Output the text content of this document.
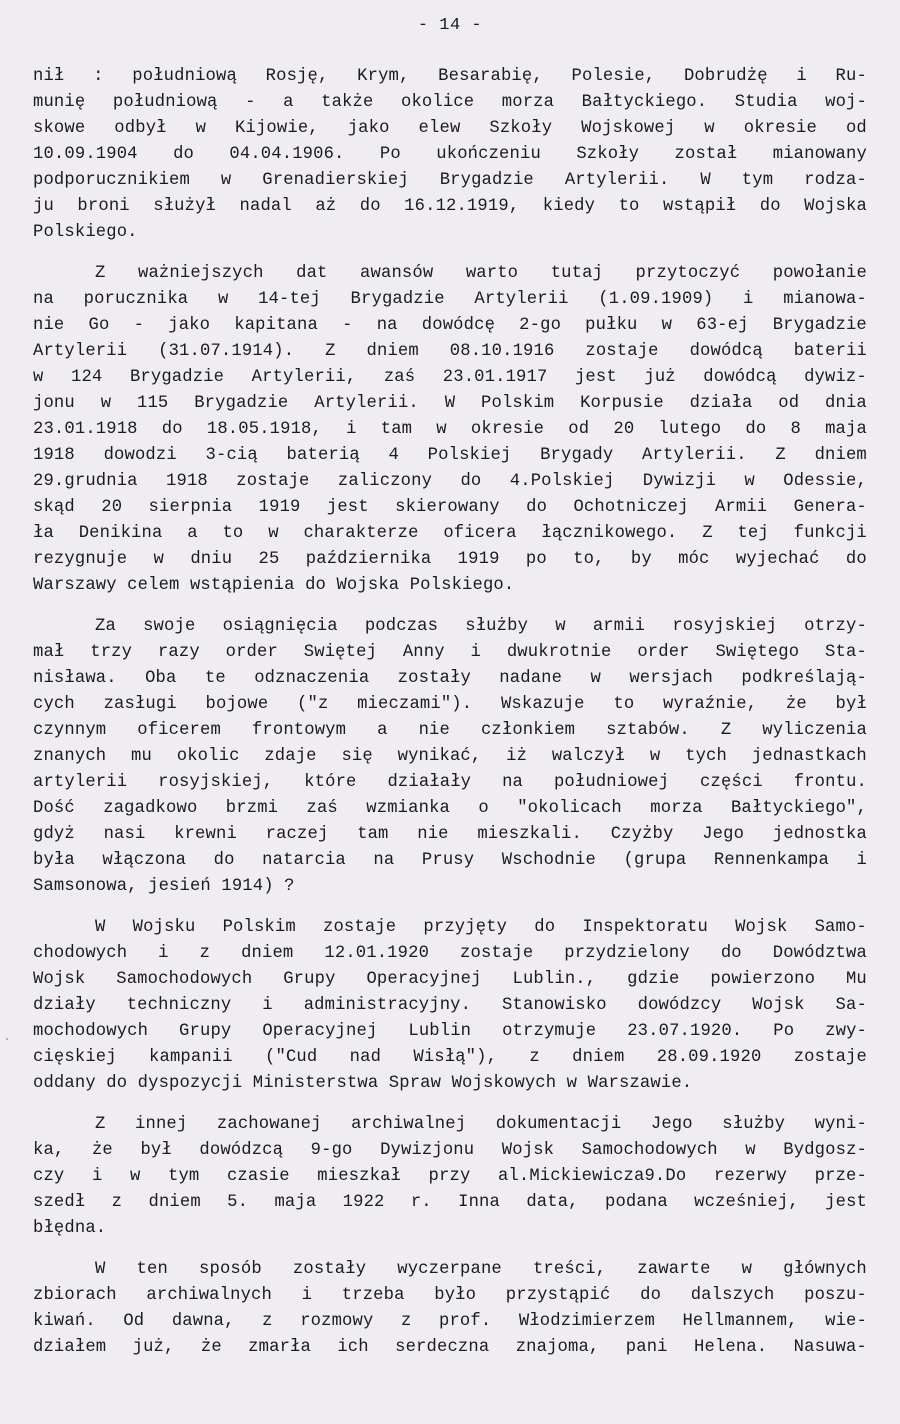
- 14 -
nił : południową Rosję, Krym, Besarabię, Polesie, Dobrudżę i Ru-
munię południową - a także okolice morza Bałtyckiego. Studia woj-
skowe odbył w Kijowie, jako elew Szkoły Wojskowej w okresie od
10.09.1904 do 04.04.1906. Po ukończeniu Szkoły został mianowany
podporucznikiem w Grenadierskiej Brygadzie Artylerii. W tym rodza-
ju broni służył nadal aż do 16.12.1919, kiedy to wstąpił do Wojska
Polskiego.
Z ważniejszych dat awansów warto tutaj przytoczyć powołanie
na porucznika w 14-tej Brygadzie Artylerii (1.09.1909) i mianowa-
nie Go - jako kapitana - na dowódcę 2-go pułku w 63-ej Brygadzie
Artylerii (31.07.1914). Z dniem 08.10.1916 zostaje dowódcą baterii
w 124 Brygadzie Artylerii, zaś 23.01.1917 jest już dowódcą dywiz-
jonu w 115 Brygadzie Artylerii. W Polskim Korpusie działa od dnia
23.01.1918 do 18.05.1918, i tam w okresie od 20 lutego do 8 maja
1918 dowodzi 3-cią baterią 4 Polskiej Brygady Artylerii. Z dniem
29.grudnia 1918 zostaje zaliczony do 4.Polskiej Dywizji w Odessie,
skąd 20 sierpnia 1919 jest skierowany do Ochotniczej Armii Genera-
ła Denikina a to w charakterze oficera łącznikowego. Z tej funkcji
rezygnuje w dniu 25 października 1919 po to, by móc wyjechać do
Warszawy celem wstąpienia do Wojska Polskiego.
Za swoje osiągnięcia podczas służby w armii rosyjskiej otrzy-
mał trzy razy order Swiętej Anny i dwukrotnie order Swiętego Sta-
nisława. Oba te odznaczenia zostały nadane w wersjach podkreślają-
cych zasługi bojowe ("z mieczami"). Wskazuje to wyraźnie, że był
czynnym oficerem frontowym a nie członkiem sztabów. Z wyliczenia
znanych mu okolic zdaje się wynikać, iż walczył w tych jednastkach
artylerii rosyjskiej, które działały na południowej części frontu.
Dość zagadkowo brzmi zaś wzmianka o "okolicach morza Bałtyckiego",
gdyż nasi krewni raczej tam nie mieszkali. Czyżby Jego jednostka
była włączona do natarcia na Prusy Wschodnie (grupa Rennenkampa i
Samsonowa, jesień 1914) ?
W Wojsku Polskim zostaje przyjęty do Inspektoratu Wojsk Samo-
chodowych i z dniem 12.01.1920 zostaje przydzielony do Dowództwa
Wojsk Samochodowych Grupy Operacyjnej Lublin., gdzie powierzono Mu
działy techniczny i administracyjny. Stanowisko dowódzcy Wojsk Sa-
mochodowych Grupy Operacyjnej Lublin otrzymuje 23.07.1920. Po zwy-
cięskiej kampanii ("Cud nad Wisłą"), z dniem 28.09.1920 zostaje
oddany do dyspozycji Ministerstwa Spraw Wojskowych w Warszawie.
Z innej zachowanej archiwalnej dokumentacji Jego służby wyni-
ka, że był dowódzcą 9-go Dywizjonu Wojsk Samochodowych w Bydgosz-
czy i w tym czasie mieszkał przy al.Mickiewicza9.Do rezerwy prze-
szedł z dniem 5. maja 1922 r. Inna data, podana wcześniej, jest
błędna.
W ten sposób zostały wyczerpane treści, zawarte w głównych
zbiorach archiwalnych i trzeba było przystąpić do dalszych poszu-
kiwań. Od dawna, z rozmowy z prof. Włodzimierzem Hellmannem, wie-
działem już, że zmarła ich serdeczna znajoma, pani Helena. Nasuwa-
